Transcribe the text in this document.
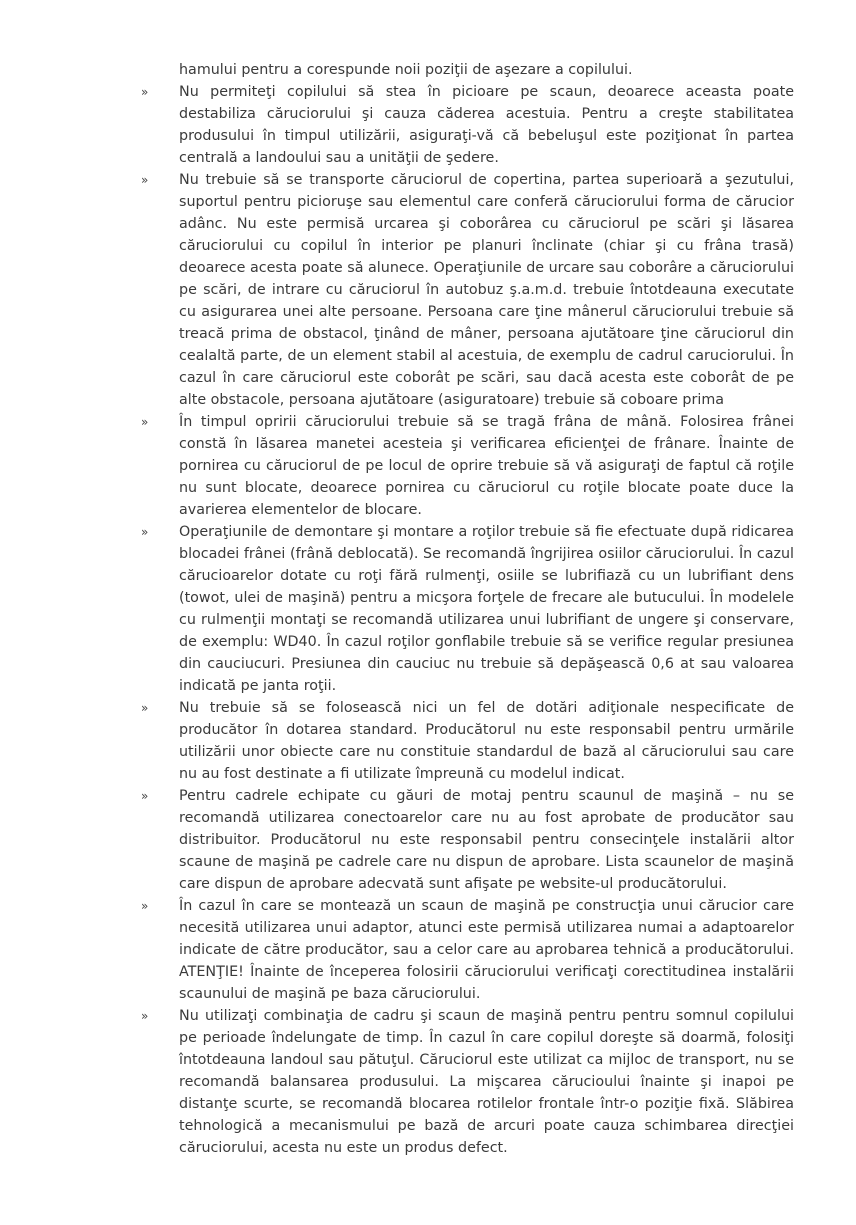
hamului pentru a corespunde noii poziţii de aşezare a copilului.
»	Nu permiteţi copilului să stea în picioare pe scaun, deoarece aceasta poate destabiliza căruciorului şi cauza căderea acestuia. Pentru a creşte stabilitatea produsului în timpul utilizării, asiguraţi-vă că bebeluşul este poziţionat în partea centrală a landoului sau a unităţii de şedere.
»	Nu trebuie să se transporte căruciorul de copertina, partea superioară a şezutului, suportul pentru picioruşe sau elementul care conferă căruciorului forma de cărucior adânc. Nu este permisă urcarea şi coborârea cu căruciorul pe scări şi lăsarea căruciorului cu copilul în interior pe planuri înclinate (chiar şi cu frâna trasă) deoarece acesta poate să alunece. Operaţiunile de urcare sau coborâre a căruciorului pe scări, de intrare cu căruciorul în autobuz ş.a.m.d. trebuie întotdeauna executate cu asigurarea unei alte persoane. Persoana care ţine mânerul căruciorului trebuie să treacă prima de obstacol, ţinând de mâner, persoana ajutătoare ţine căruciorul din cealaltă parte, de un element stabil al acestuia, de exemplu de cadrul caruciorului. În cazul în care căruciorul este coborât pe scări, sau dacă acesta este coborât de pe alte obstacole, persoana ajutătoare (asiguratoare) trebuie să coboare prima
»	În timpul opririi căruciorului trebuie să se tragă frâna de mână. Folosirea frânei constă în lăsarea manetei acesteia şi verificarea eficienţei de frânare. Înainte de pornirea cu căruciorul de pe locul de oprire trebuie să vă asiguraţi de faptul că roţile nu sunt blocate, deoarece pornirea cu căruciorul cu roţile blocate poate duce la avarierea elementelor de blocare.
»	Operaţiunile de demontare şi montare a roţilor trebuie să fie efectuate după ridicarea blocadei frânei (frână deblocată). Se recomandă îngrijirea osiilor căruciorului. În cazul cărucioarelor dotate cu roţi fără rulmenţi, osiile se lubrifiază cu un lubrifiant dens (towot, ulei de maşină) pentru a micşora forţele de frecare ale butucului. În modelele cu rulmenţii montaţi se recomandă utilizarea unui lubrifiant de ungere şi conservare, de exemplu: WD40. În cazul roţilor gonflabile trebuie să se verifice regular presiunea din cauciucuri. Presiunea din cauciuc nu trebuie să depăşească 0,6 at sau valoarea indicată pe janta roţii.
»	Nu trebuie să se folosească nici un fel de dotări adiţionale nespecificate de producător în dotarea standard. Producătorul nu este responsabil pentru urmările utilizării unor obiecte care nu constituie standardul de bază al căruciorului sau care nu au fost destinate a fi utilizate împreună cu modelul indicat.
»	Pentru cadrele echipate cu găuri de motaj pentru scaunul de maşină – nu se recomandă utilizarea conectoarelor care nu au fost aprobate de producător sau distribuitor. Producătorul nu este responsabil pentru consecinţele instalării altor scaune de maşină pe cadrele care nu dispun de aprobare. Lista scaunelor de maşină care dispun de aprobare adecvată sunt afişate pe website-ul producătorului.
»	În cazul în care se montează un scaun de maşină pe construcţia unui cărucior care necesită utilizarea unui adaptor, atunci este permisă utilizarea numai a adaptoarelor indicate de către producător, sau a celor care au aprobarea tehnică a producătorului. ATENŢIE! Înainte de începerea folosirii căruciorului verificaţi corectitudinea instalării scaunului de maşină pe baza căruciorului.
»	Nu utilizaţi combinaţia de cadru şi scaun de maşină pentru pentru somnul copilului pe perioade îndelungate de timp. În cazul în care copilul doreşte să doarmă, folosiţi întotdeauna landoul sau pătuţul. Căruciorul este utilizat ca mijloc de transport, nu se recomandă balansarea produsului. La mişcarea cărucioului înainte şi inapoi pe distanţe scurte, se recomandă blocarea rotilelor frontale într-o poziţie fixă. Slăbirea tehnologică a mecanismului pe bază de arcuri poate cauza schimbarea direcţiei căruciorului, acesta nu este un produs defect.
